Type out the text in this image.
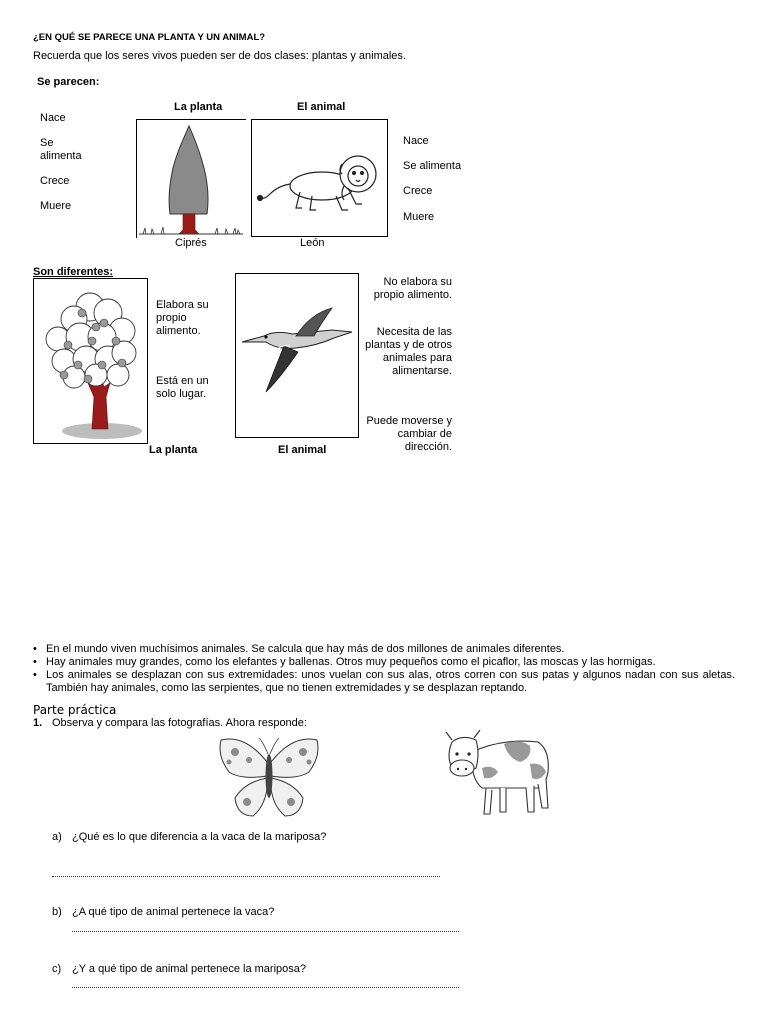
¿EN QUÉ SE PARECE UNA PLANTA Y UN ANIMAL?
Recuerda que los seres vivos pueden ser de dos clases: plantas y animales.
Se parecen:
La planta	El animal
Nace
Se alimenta
Crece
Muere
Ciprés	León
Nace
Se alimenta
Crece
Muere
Son diferentes:
Elabora su propio alimento.
Está en un solo lugar.
No elabora su propio alimento.
Necesita de las plantas y de otros animales para alimentarse.
Puede moverse y cambiar de dirección.
La planta	El animal
• En el mundo viven muchísimos animales. Se calcula que hay más de dos millones de animales diferentes.
• Hay animales muy grandes, como los elefantes y ballenas. Otros muy pequeños como el picaflor, las moscas y las hormigas.
• Los animales se desplazan con sus extremidades: unos vuelan con sus alas, otros corren con sus patas y algunos nadan con sus aletas. También hay animales, como las serpientes, que no tienen extremidades y se desplazan reptando.
Parte práctica
1. Observa y compara las fotografías. Ahora responde:
a) ¿Qué es lo que diferencia a la vaca de la mariposa?
b) ¿A qué tipo de animal pertenece la vaca?
c) ¿Y a qué tipo de animal pertenece la mariposa?
